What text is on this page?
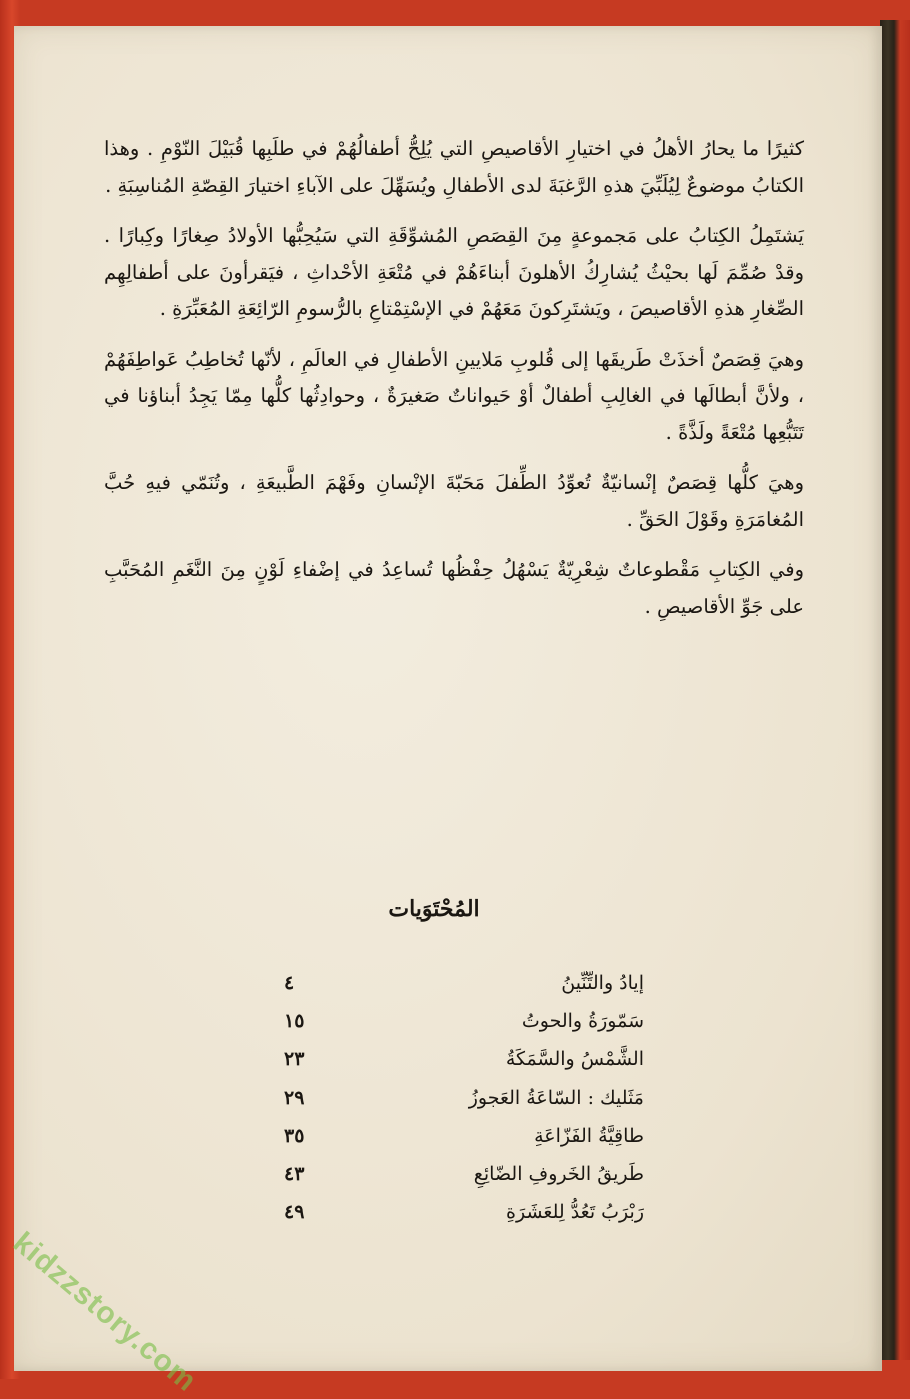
كثيرًا ما يحارُ الأهلُ في اختيارِ الأقاصيصِ التي يُلِحُّ أطفالُهُمْ في طلَبِها قُبَيْلَ النّوْمِ . وهذا الكتابُ موضوعٌ لِيُلَبِّيَ هذهِ الرَّغبَةَ لدى الأطفالِ ويُسَهِّلَ على الآباءِ اختيارَ القِصّةِ المُناسِبَةِ .

يَشتَمِلُ الكِتابُ على مَجموعةٍ مِنَ القِصَصِ المُشوِّقَةِ التي سَيُحِبُّها الأولادُ صِغارًا وكِبارًا . وقدْ صُمِّمَ لَها بحيْثُ يُشارِكُ الأهلونَ أبناءَهُمْ في مُتْعَةِ الأحْداثِ ، فيَقرأونَ على أطفالِهِم الصِّغارِ هذهِ الأقاصيصَ ، ويَشتَرِكونَ مَعَهُمْ في الإسْتِمْتاعِ بالرُّسومِ الرّائِعَةِ المُعَبِّرَةِ .

وهيَ قِصَصٌ أخذَتْ طَريقَها إلى قُلوبِ مَلايينِ الأطفالِ في العالَمِ ، لأنّها تُخاطِبُ عَواطِفَهُمْ ، ولأنَّ أبطالَها في الغالِبِ أطفالٌ أوْ حَيواناتٌ صَغيرَةٌ ، وحوادِثُها كلُّها مِمّا يَجِدُ أبناؤنا في تَتَبُّعِها مُتْعَةً ولَذَّةً .

وهيَ كلُّها قِصَصٌ إنْسانيّةٌ تُعوِّدُ الطِّفلَ مَحَبّةَ الإنْسانِ وفَهْمَ الطَّبيعَةِ ، وتُنَمّي فيهِ حُبَّ المُغامَرَةِ وقَوْلَ الحَقِّ .

وفي الكِتابِ مَقْطوعاتٌ شِعْرِيّةٌ يَسْهُلُ حِفْظُها تُساعِدُ في إضْفاءِ لَوْنٍ مِنَ النَّغَمِ المُحَبَّبِ على جَوِّ الأقاصيصِ .

المُحْتَوَيات
إيادُ والتِّنِّينُ
٤
سَمّورَةُ والحوتُ
١٥
الشَّمْسُ والسَّمَكَةُ
٢٣
مَثَليك : السّاعَةُ العَجوزُ
٢٩
طاقِيَّةُ الفَزّاعَةِ
٣٥
طَريقُ الخَروفِ الضّائِعِ
٤٣
رَبْرَبُ تَعُدُّ لِلعَشَرَةِ
٤٩
kidzzstory.com
